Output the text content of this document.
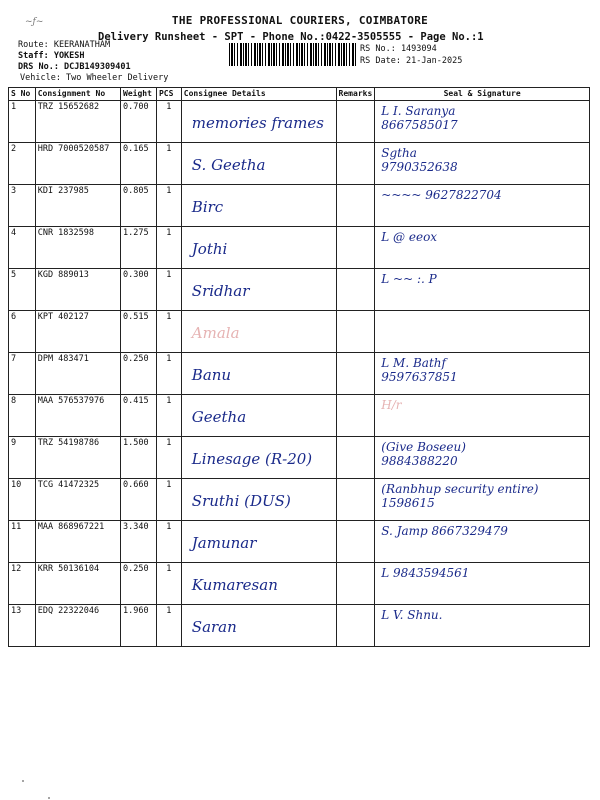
~ƒ~	THE PROFESSIONAL COURIERS, COIMBATORE
Delivery Runsheet - SPT - Phone No.:0422-3505555 - Page No.:1
Route: KEERANATHAM
Staff: YOKESH
DRS No.: DCJB149309401
Vehicle: Two Wheeler Delivery
RS No.: 1493094
RS Date: 21-Jan-2025
S No	Consignment No	Weight	PCS	Consignee Details	Remarks	Seal & Signature
1	TRZ 15652682	0.700	1	memories frames		L I. Saranya
8667585017

2	HRD 7000520587	0.165	1	S. Geetha		Sgtha
9790352638

3	KDI 237985	0.805	1	Birc		~~~~ 9627822704

4	CNR 1832598	1.275	1	Jothi		L @ eeox

5	KGD 889013	0.300	1	Sridhar		L ~~ :. P

6	KPT 402127	0.515	1	Amala		

7	DPM 483471	0.250	1	Banu		L M. Bathf
9597637851

8	MAA 576537976	0.415	1	Geetha		H/r

9	TRZ 54198786	1.500	1	Linesage (R-20)		(Give Boseeu)
9884388220

10	TCG 41472325	0.660	1	Sruthi (DUS)		(Ranbhup security entire) 1598615

11	MAA 868967221	3.340	1	Jamunar		S. Jamp 8667329479

12	KRR 50136104	0.250	1	Kumaresan		L 9843594561

13	EDQ 22322046	1.960	1	Saran		L V. Shnu.
